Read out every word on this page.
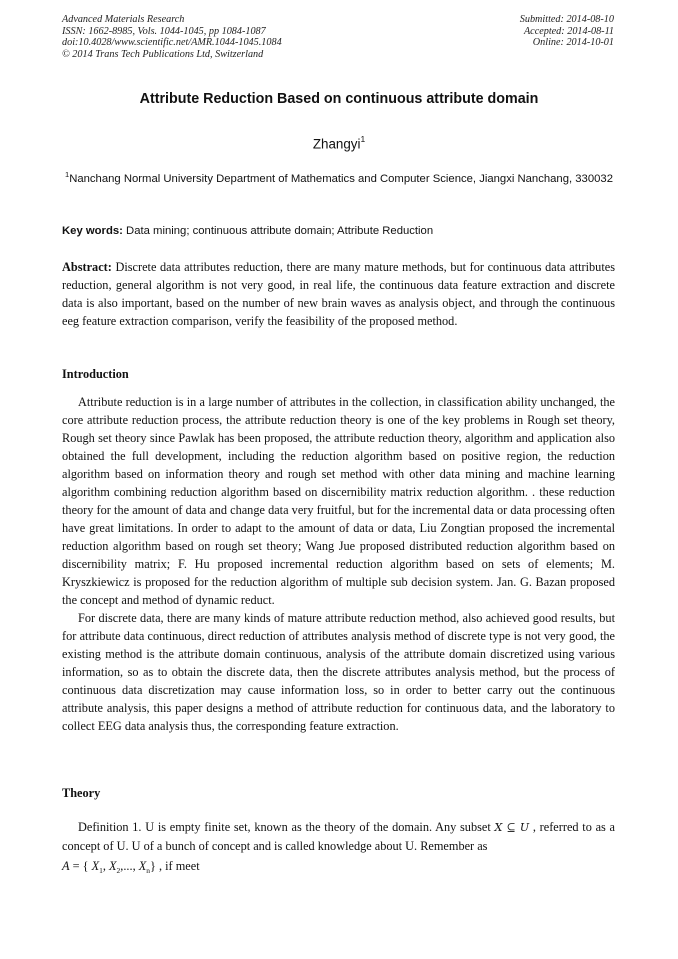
Advanced Materials Research
ISSN: 1662-8985, Vols. 1044-1045, pp 1084-1087
doi:10.4028/www.scientific.net/AMR.1044-1045.1084
© 2014 Trans Tech Publications Ltd, Switzerland
Submitted: 2014-08-10
Accepted: 2014-08-11
Online: 2014-10-01
Attribute Reduction Based on continuous attribute domain
Zhangyi$^1$
$^1$Nanchang Normal University Department of Mathematics and Computer Science, Jiangxi Nanchang, 330032
Key words: Data mining; continuous attribute domain; Attribute Reduction
Abstract: Discrete data attributes reduction, there are many mature methods, but for continuous data attributes reduction, general algorithm is not very good, in real life, the continuous data feature extraction and discrete data is also important, based on the number of new brain waves as analysis object, and through the continuous eeg feature extraction comparison, verify the feasibility of the proposed method.
Introduction

Attribute reduction is in a large number of attributes in the collection, in classification ability unchanged, the core attribute reduction process, the attribute reduction theory is one of the key problems in Rough set theory, Rough set theory since Pawlak has been proposed, the attribute reduction theory, algorithm and application also obtained the full development, including the reduction algorithm based on positive region, the reduction algorithm based on information theory and rough set method with other data mining and machine learning algorithm combining reduction algorithm based on discernibility matrix reduction algorithm. . these reduction theory for the amount of data and change data very fruitful, but for the incremental data or data processing often have great limitations. In order to adapt to the amount of data or data, Liu Zongtian proposed the incremental reduction algorithm based on rough set theory; Wang Jue proposed distributed reduction algorithm based on discernibility matrix; F. Hu proposed incremental reduction algorithm based on sets of elements; M. Kryszkiewicz is proposed for the reduction algorithm of multiple sub decision system. Jan. G. Bazan proposed the concept and method of dynamic reduct.

For discrete data, there are many kinds of mature attribute reduction method, also achieved good results, but for attribute data continuous, direct reduction of attributes analysis method of discrete type is not very good, the existing method is the attribute domain continuous, analysis of the attribute domain discretized using various information, so as to obtain the discrete data, then the discrete attributes analysis method, but the process of continuous data discretization may cause information loss, so in order to better carry out the continuous attribute analysis, this paper designs a method of attribute reduction for continuous data, and the laboratory to collect EEG data analysis thus, the corresponding feature extraction.

Theory

Definition 1. U is empty finite set, known as the theory of the domain. Any subset X ⊆ U , referred to as a concept of U. U of a bunch of concept and is called knowledge about U. Remember as

A = { $X_1$, $X_2$,..., $X_n$} , if meet
